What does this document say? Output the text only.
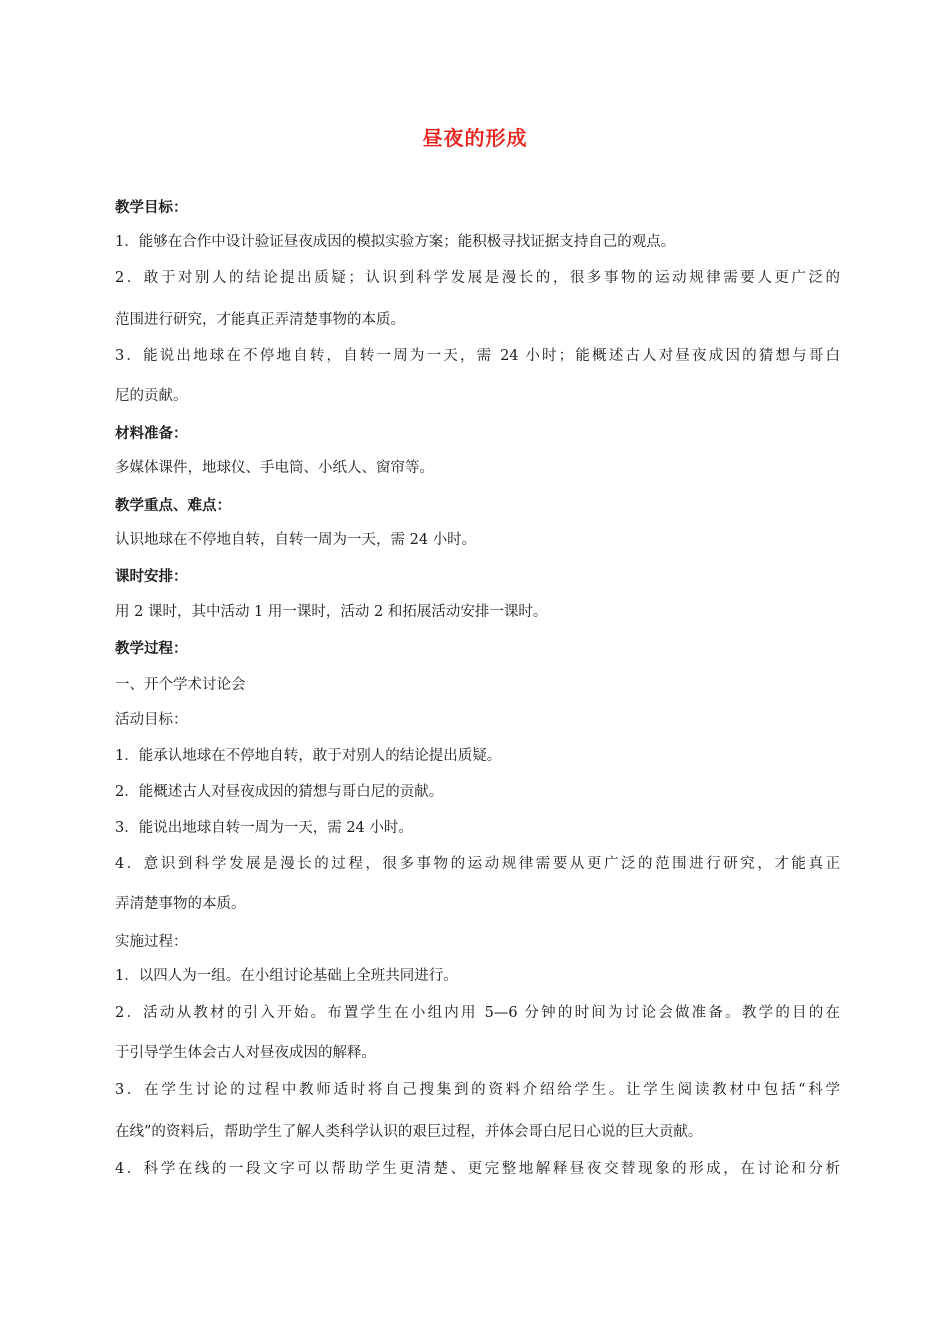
昼夜的形成
教学目标：
1．能够在合作中设计验证昼夜成因的模拟实验方案；能积极寻找证据支持自己的观点。
2．敢于对别人的结论提出质疑；认识到科学发展是漫长的，很多事物的运动规律需要人更广泛的
范围进行研究，才能真正弄清楚事物的本质。
3．能说出地球在不停地自转，自转一周为一天，需 24 小时；能概述古人对昼夜成因的猜想与哥白
尼的贡献。
材料准备：
多媒体课件，地球仪、手电筒、小纸人、窗帘等。
教学重点、难点：
认识地球在不停地自转，自转一周为一天，需 24 小时。
课时安排：
用 2 课时，其中活动 1 用一课时，活动 2 和拓展活动安排一课时。
教学过程：
一、开个学术讨论会
活动目标：
1．能承认地球在不停地自转，敢于对别人的结论提出质疑。
2．能概述古人对昼夜成因的猜想与哥白尼的贡献。
3．能说出地球自转一周为一天，需 24 小时。
4．意识到科学发展是漫长的过程，很多事物的运动规律需要从更广泛的范围进行研究，才能真正
弄清楚事物的本质。
实施过程：
1．以四人为一组。在小组讨论基础上全班共同进行。
2．活动从教材的引入开始。布置学生在小组内用 5—6 分钟的时间为讨论会做准备。教学的目的在
于引导学生体会古人对昼夜成因的解释。
3．在学生讨论的过程中教师适时将自己搜集到的资料介绍给学生。让学生阅读教材中包括“科学
在线”的资料后，帮助学生了解人类科学认识的艰巨过程，并体会哥白尼日心说的巨大贡献。
4．科学在线的一段文字可以帮助学生更清楚、更完整地解释昼夜交替现象的形成，在讨论和分析
